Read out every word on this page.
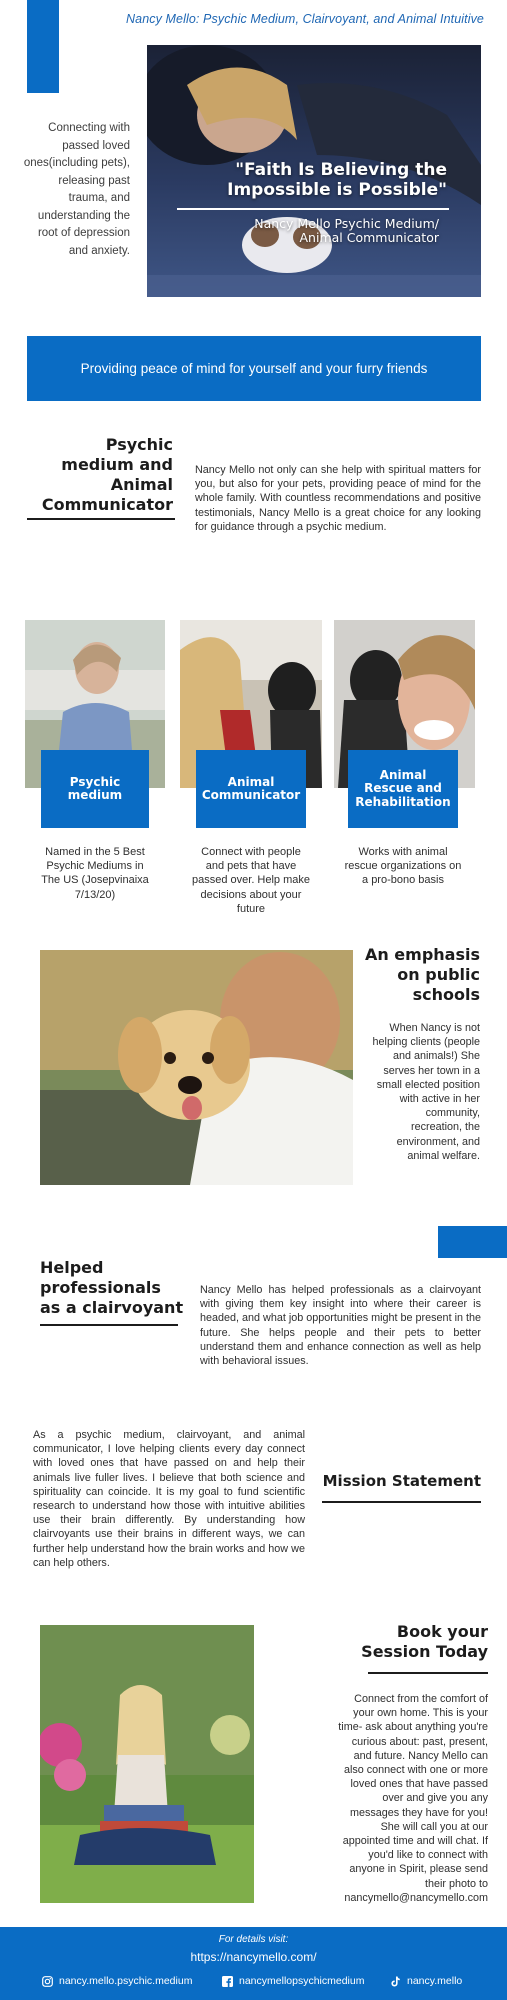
Nancy Mello: Psychic Medium, Clairvoyant, and Animal Intuitive
Connecting with passed loved ones(including pets), releasing past trauma, and understanding the root of depression and anxiety.
"Faith Is Believing the
Impossible is Possible"
Nancy Mello Psychic Medium/
Animal Communicator
Providing peace of mind for yourself and your furry friends
Psychic
medium and
Animal
Communicator
Nancy Mello not only can she help with spiritual matters for you, but also for your pets, providing peace of mind for the whole family. With countless recommendations and positive testimonials, Nancy Mello is a great choice for any looking for guidance through a psychic medium.
Psychic medium
Animal Communicator
Animal Rescue and Rehabilitation
Named in the 5 Best Psychic Mediums in The US (Josepvinaixa 7/13/20)
Connect with people and pets that have passed over. Help make decisions about your future
Works with animal rescue organizations on a pro-bono basis
An emphasis
on public
schools
When Nancy is not helping clients (people and animals!) She serves her town in a small elected position with active in her community, recreation, the environment, and animal welfare.
Helped
professionals
as a clairvoyant
Nancy Mello has helped professionals as a clairvoyant with giving them key insight into where their career is headed, and what job opportunities might be present in the future. She helps people and their pets to better understand them and enhance connection as well as help with behavioral issues.
As a psychic medium, clairvoyant, and animal communicator, I love helping clients every day connect with loved ones that have passed on and help their animals live fuller lives. I believe that both science and spirituality can coincide. It is my goal to fund scientific research to understand how those with intuitive abilities use their brain differently. By understanding how clairvoyants use their brains in different ways, we can further help understand how the brain works and how we can help others.
Mission Statement
Book your
Session Today
Connect from the comfort of your own home. This is your time- ask about anything you're curious about: past, present, and future. Nancy Mello can also connect with one or more loved ones that have passed over and give you any messages they have for you! She will call you at our appointed time and will chat. If you'd like to connect with anyone in Spirit, please send their photo to nancymello@nancymello.com
For details visit:
https://nancymello.com/
nancy.mello.psychic.medium	nancymellopsychicmedium	nancy.mello
